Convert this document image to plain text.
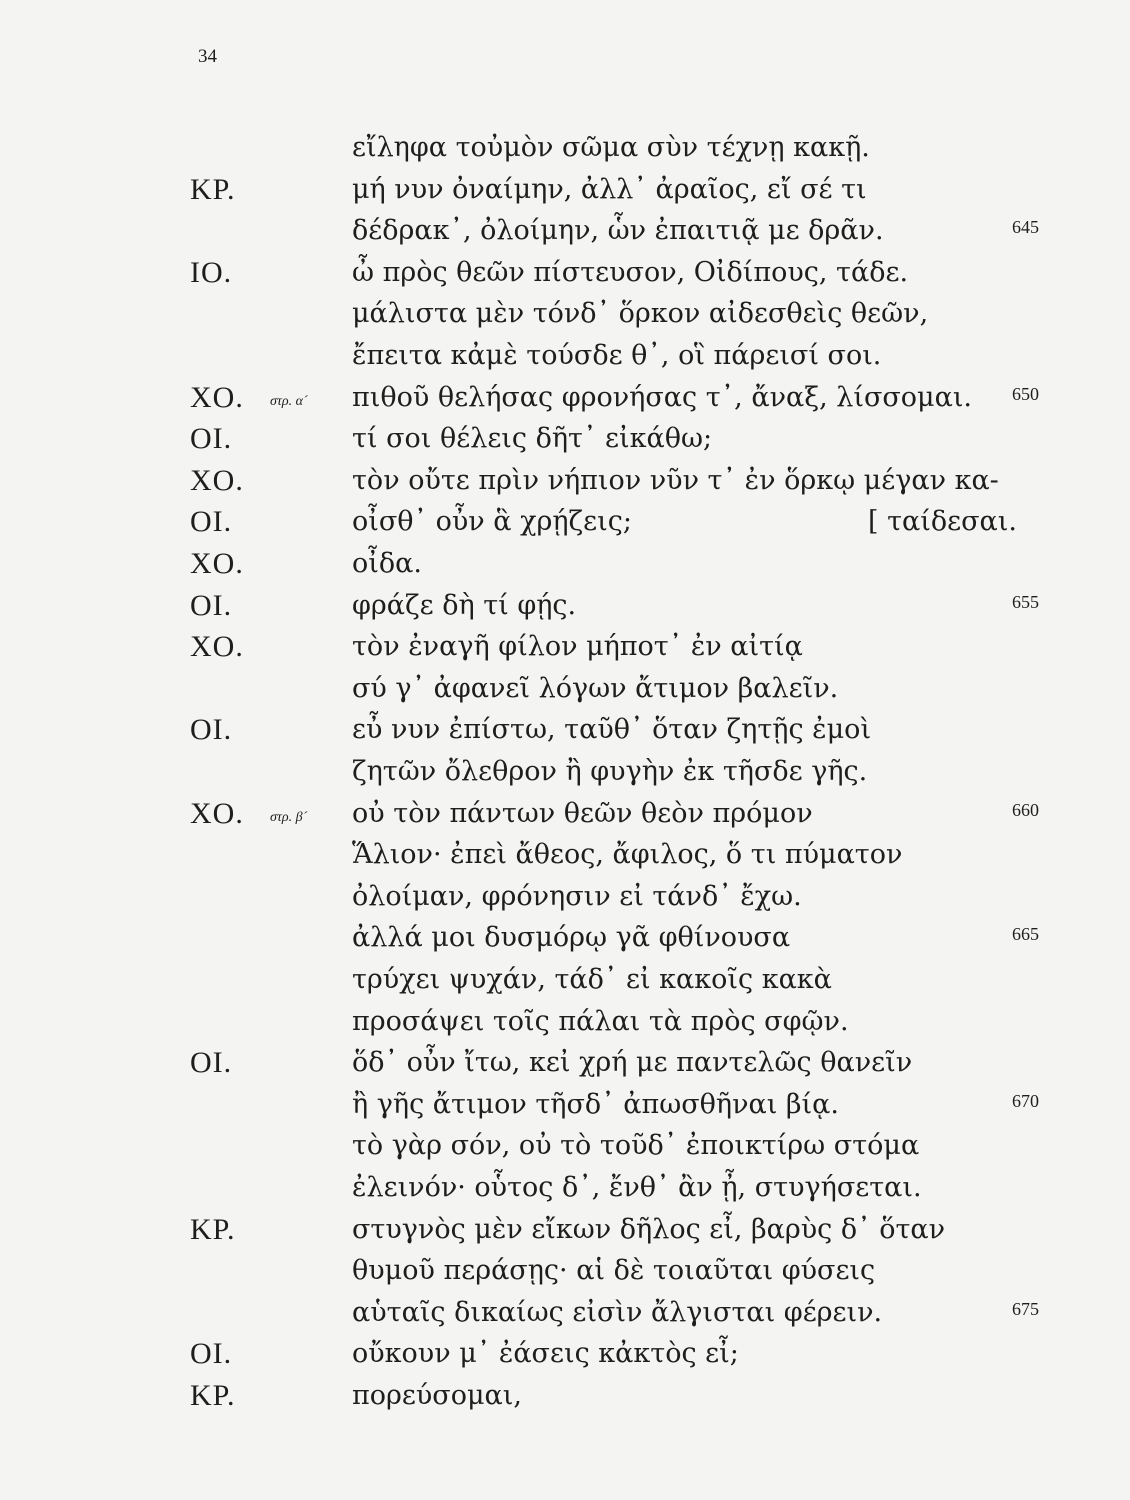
34
εἴληφα τοὐμὸν σῶμα σὺν τέχνῃ κακῇ.
ΚΡ.	μή νυν ὀναίμην, ἀλλ᾽ ἀραῖος, εἴ σέ τι
δέδρακ᾽, ὀλοίμην, ὧν ἐπαιτιᾷ με δρᾶν.	645
ΙΟ.	ὦ πρὸς θεῶν πίστευσον, Οἰδίπους, τάδε.
μάλιστα μὲν τόνδ᾽ ὅρκον αἰδεσθεὶς θεῶν,
ἔπειτα κἀμὲ τούσδε θ᾽, οἳ πάρεισί σοι.
ΧΟ. στρ. α´ πιθοῦ θελήσας φρονήσας τ᾽, ἄναξ, λίσσομαι. 650
ΟΙ.	τί σοι θέλεις δῆτ᾽ εἰκάθω;
ΧΟ.	τὸν οὔτε πρὶν νήπιον νῦν τ᾽ ἐν ὅρκῳ μέγαν κα-
ΟΙ.	οἶσθ᾽ οὖν ἃ χρῄζεις;	[ ταίδεσαι.
ΧΟ.	οἶδα.
ΟΙ.	φράζε δὴ τί φῄς.	655
ΧΟ.	τὸν ἐναγῆ φίλον μήποτ᾽ ἐν αἰτίᾳ
σύ γ᾽ ἀφανεῖ λόγων ἄτιμον βαλεῖν.
ΟΙ.	εὖ νυν ἐπίστω, ταῦθ᾽ ὅταν ζητῇς ἐμοὶ
ζητῶν ὄλεθρον ἢ φυγὴν ἐκ τῆσδε γῆς.
ΧΟ. στρ. β´ οὐ τὸν πάντων θεῶν θεὸν πρόμον	660
Ἅλιον· ἐπεὶ ἄθεος, ἄφιλος, ὅ τι πύματον
ὀλοίμαν, φρόνησιν εἰ τάνδ᾽ ἔχω.
ἀλλά μοι δυσμόρῳ γᾶ φθίνουσα	665
τρύχει ψυχάν, τάδ᾽ εἰ κακοῖς κακὰ
προσάψει τοῖς πάλαι τὰ πρὸς σφῷν.
ΟΙ.	ὅδ᾽ οὖν ἴτω, κεἰ χρή με παντελῶς θανεῖν
ἢ γῆς ἄτιμον τῆσδ᾽ ἀπωσθῆναι βίᾳ.	670
τὸ γὰρ σόν, οὐ τὸ τοῦδ᾽ ἐποικτίρω στόμα
ἐλεινόν· οὗτος δ᾽, ἔνθ᾽ ἂν ᾖ, στυγήσεται.
ΚΡ.	στυγνὸς μὲν εἴκων δῆλος εἶ, βαρὺς δ᾽ ὅταν
θυμοῦ περάσῃς· αἱ δὲ τοιαῦται φύσεις
αὑταῖς δικαίως εἰσὶν ἄλγισται φέρειν.	675
ΟΙ.	οὔκουν μ᾽ ἐάσεις κἀκτὸς εἶ;
ΚΡ.	πορεύσομαι,
